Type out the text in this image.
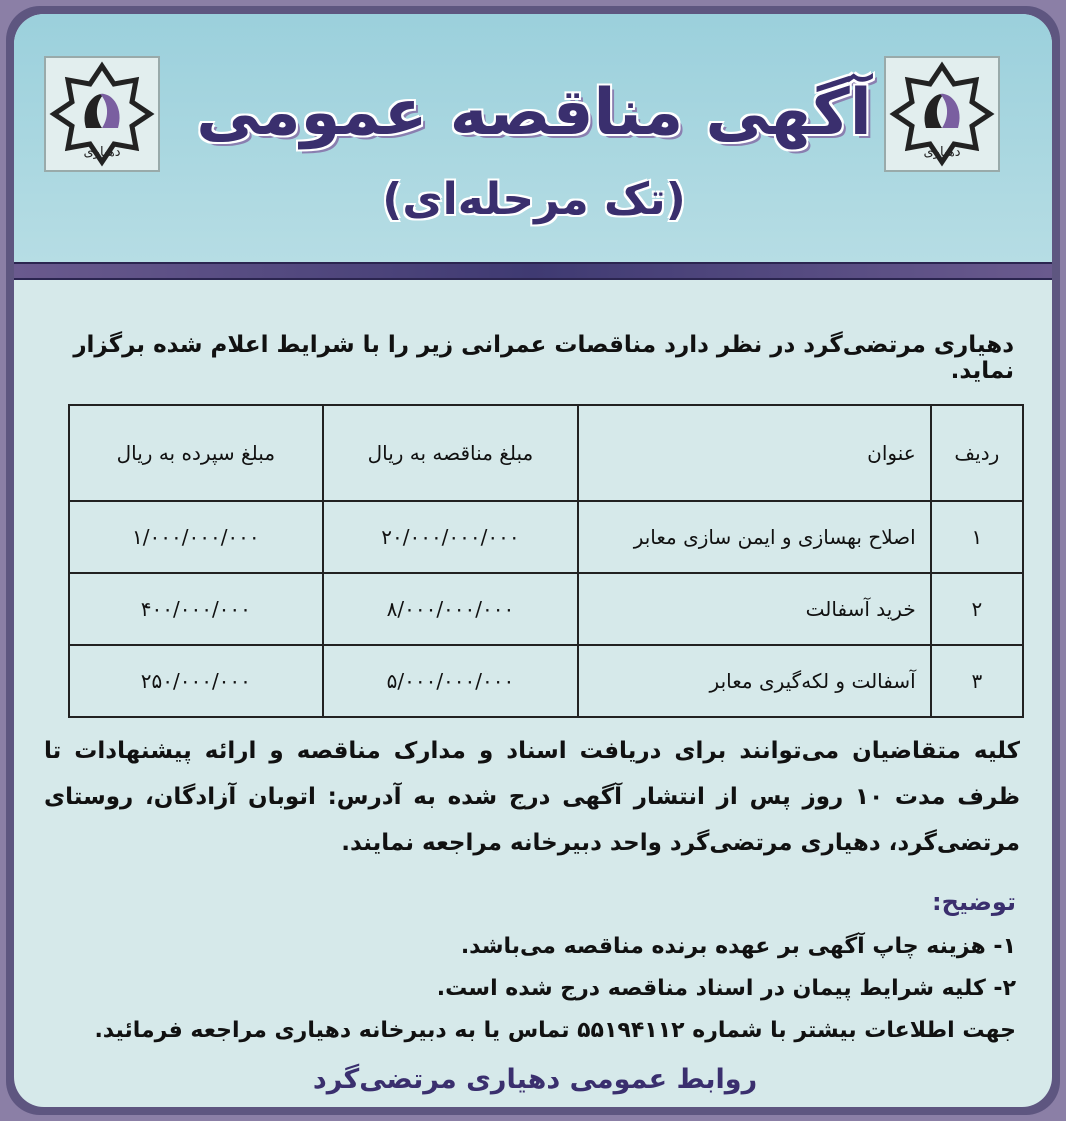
دهیاری	دهیاری
آگهی مناقصه عمومی
(تک مرحله‌ای)
دهیاری مرتضی‌گرد در نظر دارد مناقصات عمرانی زیر را با شرایط اعلام شده برگزار نماید.
ردیف	عنوان	مبلغ مناقصه به ریال	مبلغ سپرده به ریال
۱	اصلاح بهسازی و ایمن سازی معابر	۲۰/۰۰۰/۰۰۰/۰۰۰	۱/۰۰۰/۰۰۰/۰۰۰
۲	خرید آسفالت	۸/۰۰۰/۰۰۰/۰۰۰	۴۰۰/۰۰۰/۰۰۰
۳	آسفالت و لکه‌گیری معابر	۵/۰۰۰/۰۰۰/۰۰۰	۲۵۰/۰۰۰/۰۰۰
کلیه متقاضیان می‌توانند برای دریافت اسناد و مدارک مناقصه و ارائه پیشنهادات تا ظرف مدت ۱۰ روز پس از انتشار آگهی درج شده به آدرس: اتوبان آزادگان، روستای مرتضی‌گرد، دهیاری مرتضی‌گرد واحد دبیرخانه مراجعه نمایند.
توضیح:
۱- هزینه چاپ آگهی بر عهده برنده مناقصه می‌باشد.
۲- کلیه شرایط پیمان در اسناد مناقصه درج شده است.
جهت اطلاعات بیشتر با شماره ۵۵۱۹۴۱۱۲ تماس یا به دبیرخانه دهیاری مراجعه فرمائید.
روابط عمومی دهیاری مرتضی‌گرد
